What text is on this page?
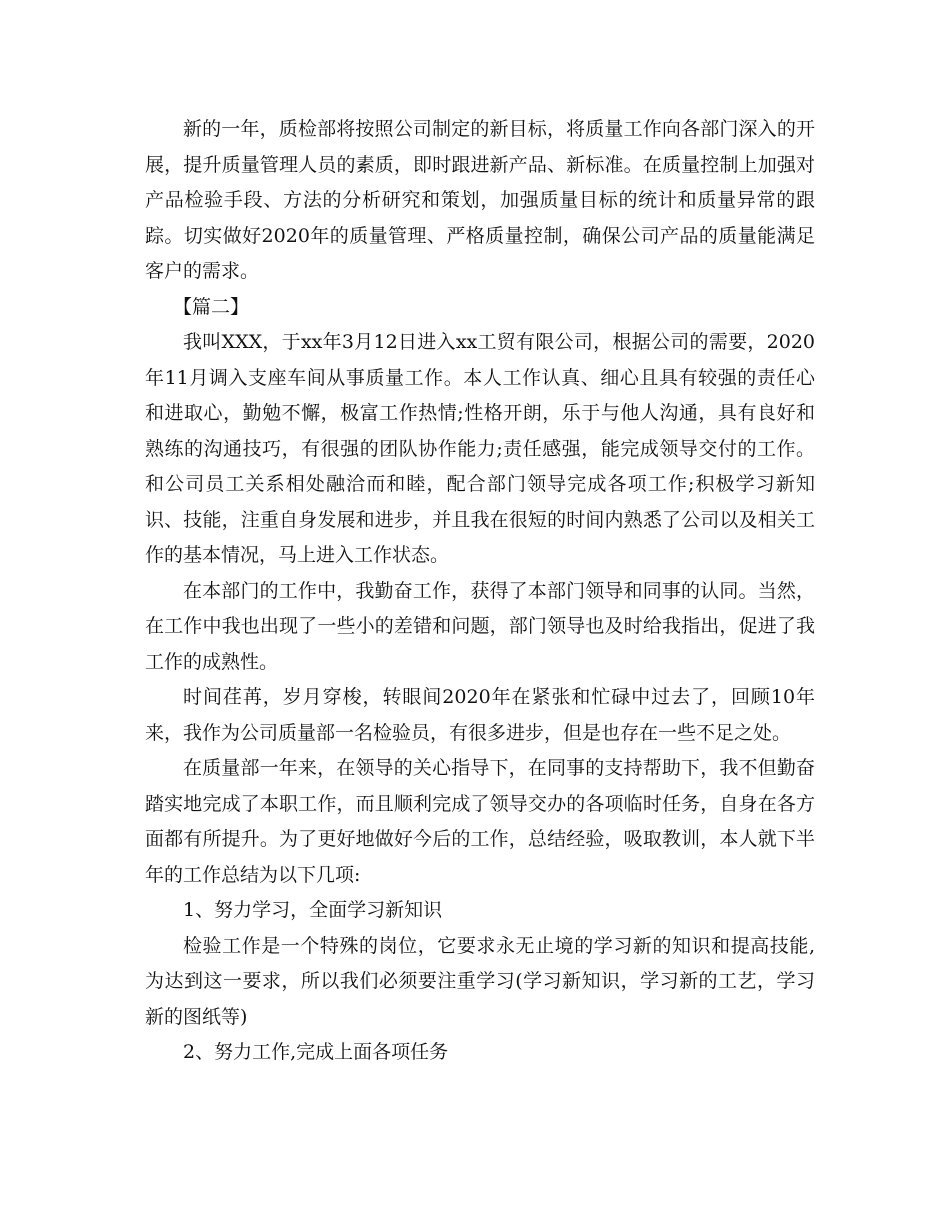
新的一年，质检部将按照公司制定的新目标，将质量工作向各部门深入的开展，提升质量管理人员的素质，即时跟进新产品、新标准。在质量控制上加强对产品检验手段、方法的分析研究和策划，加强质量目标的统计和质量异常的跟踪。切实做好2020年的质量管理、严格质量控制，确保公司产品的质量能满足客户的需求。

【篇二】

我叫XXX，于xx年3月12日进入xx工贸有限公司，根据公司的需要，2020年11月调入支座车间从事质量工作。本人工作认真、细心且具有较强的责任心和进取心，勤勉不懈，极富工作热情;性格开朗，乐于与他人沟通，具有良好和熟练的沟通技巧，有很强的团队协作能力;责任感强，能完成领导交付的工作。和公司员工关系相处融洽而和睦，配合部门领导完成各项工作;积极学习新知识、技能，注重自身发展和进步，并且我在很短的时间内熟悉了公司以及相关工作的基本情况，马上进入工作状态。

在本部门的工作中，我勤奋工作，获得了本部门领导和同事的认同。当然，在工作中我也出现了一些小的差错和问题，部门领导也及时给我指出，促进了我工作的成熟性。

时间荏苒，岁月穿梭，转眼间2020年在紧张和忙碌中过去了，回顾10年来，我作为公司质量部一名检验员，有很多进步，但是也存在一些不足之处。

在质量部一年来，在领导的关心指导下，在同事的支持帮助下，我不但勤奋踏实地完成了本职工作，而且顺利完成了领导交办的各项临时任务，自身在各方面都有所提升。为了更好地做好今后的工作，总结经验，吸取教训，本人就下半年的工作总结为以下几项:

1、努力学习，全面学习新知识

检验工作是一个特殊的岗位，它要求永无止境的学习新的知识和提高技能,为达到这一要求，所以我们必须要注重学习(学习新知识，学习新的工艺，学习新的图纸等)

2、努力工作,完成上面各项任务
